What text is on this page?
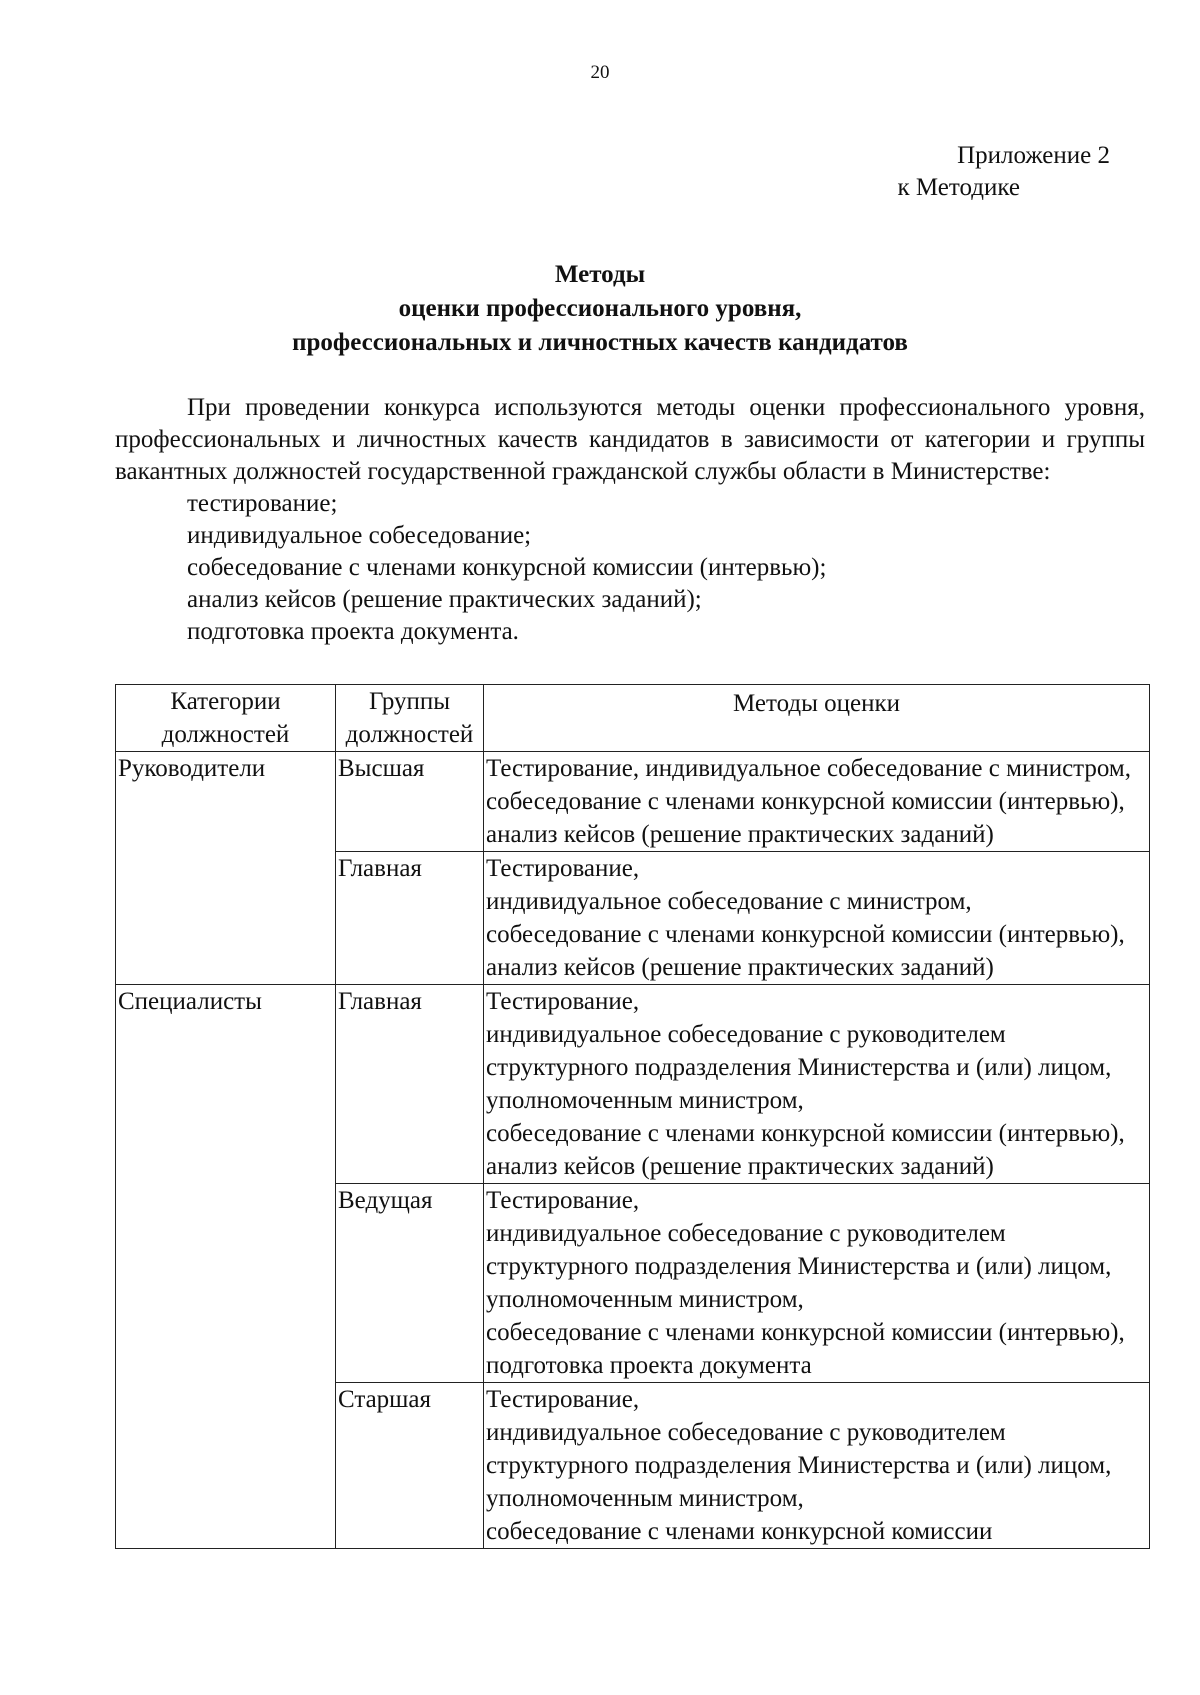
20
Приложение 2
к Методике
Методы
оценки профессионального уровня,
профессиональных и личностных качеств кандидатов

При проведении конкурса используются методы оценки профессионального уровня, профессиональных и личностных качеств кандидатов в зависимости от категории и группы вакантных должностей государственной гражданской службы области в Министерстве:

тестирование;
индивидуальное собеседование;
собеседование с членами конкурсной комиссии (интервью);
анализ кейсов (решение практических заданий);
подготовка проекта документа.
Категории должностей	Группы должностей	Методы оценки
Руководители	Высшая	Тестирование, индивидуальное собеседование с министром, собеседование с членами конкурсной комиссии (интервью), анализ кейсов (решение практических заданий)
	Главная	Тестирование,
индивидуальное собеседование с министром,
собеседование с членами конкурсной комиссии (интервью),
анализ кейсов (решение практических заданий)

Специалисты	Главная	Тестирование,
индивидуальное собеседование с руководителем структурного подразделения Министерства и (или) лицом, уполномоченным министром,
собеседование с членами конкурсной комиссии (интервью),
анализ кейсов (решение практических заданий)

	Ведущая	Тестирование,
индивидуальное собеседование с руководителем структурного подразделения Министерства и (или) лицом, уполномоченным министром,
собеседование с членами конкурсной комиссии (интервью), подготовка проекта документа

	Старшая	Тестирование,
индивидуальное собеседование с руководителем структурного подразделения Министерства и (или) лицом, уполномоченным министром,
собеседование с членами конкурсной комиссии
